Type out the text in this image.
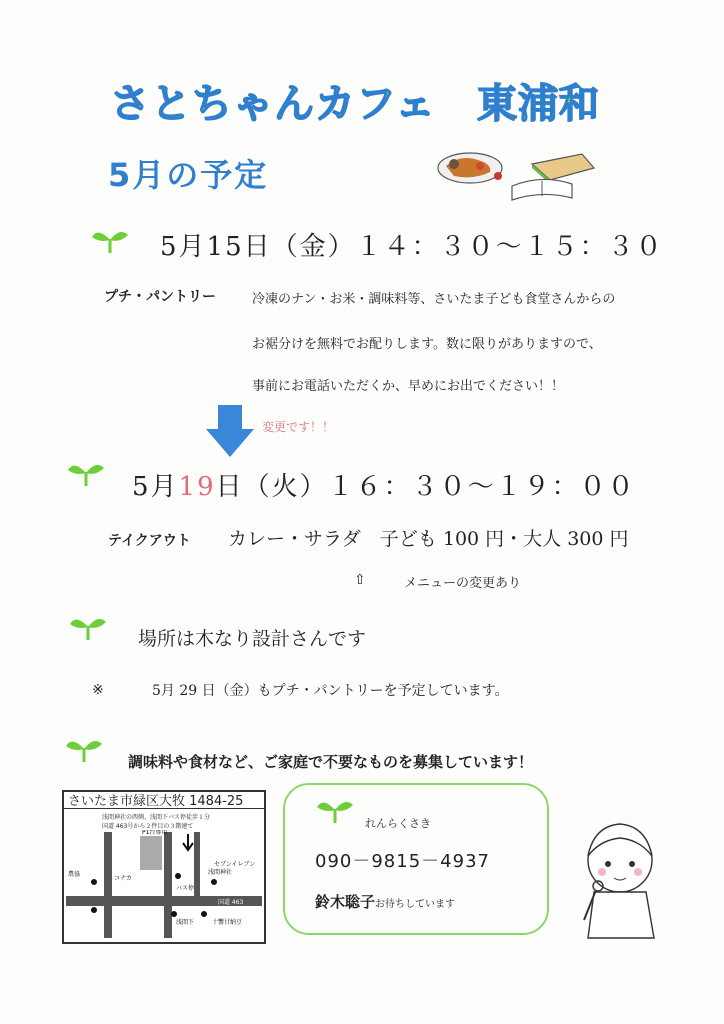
さとちゃんカフェ　東浦和
5月の予定
5月15日（金）１４：３０～１５：３０
プチ・パントリー	冷凍のナン・お米・調味料等、さいたま子ども食堂さんからの
お裾分けを無料でお配りします。数に限りがありますので、
事前にお電話いただくか、早めにお出でください！！
変更です！！
5月19日（火）１６：３０～１９：００
テイクアウト カレー・サラダ　子ども 100 円・大人 300 円
⇧	メニューの変更あり
場所は木なり設計さんです
※	5月 29 日（金）もプチ・パントリーを予定しています。
調味料や食材など、ご家庭で不要なものを募集しています！
さいたま市緑区大牧 1484-25
浅間神社の西側、浅間下バス停徒歩１分
国道 463号から２件目の３階建て
P1台専用
浅間神社
セブンイレブン
コナカ
農協
バス停
浅間下	十響甘納豆
国道 463
れんらくさき
090－9815－4937
鈴木聡子お待ちしています
